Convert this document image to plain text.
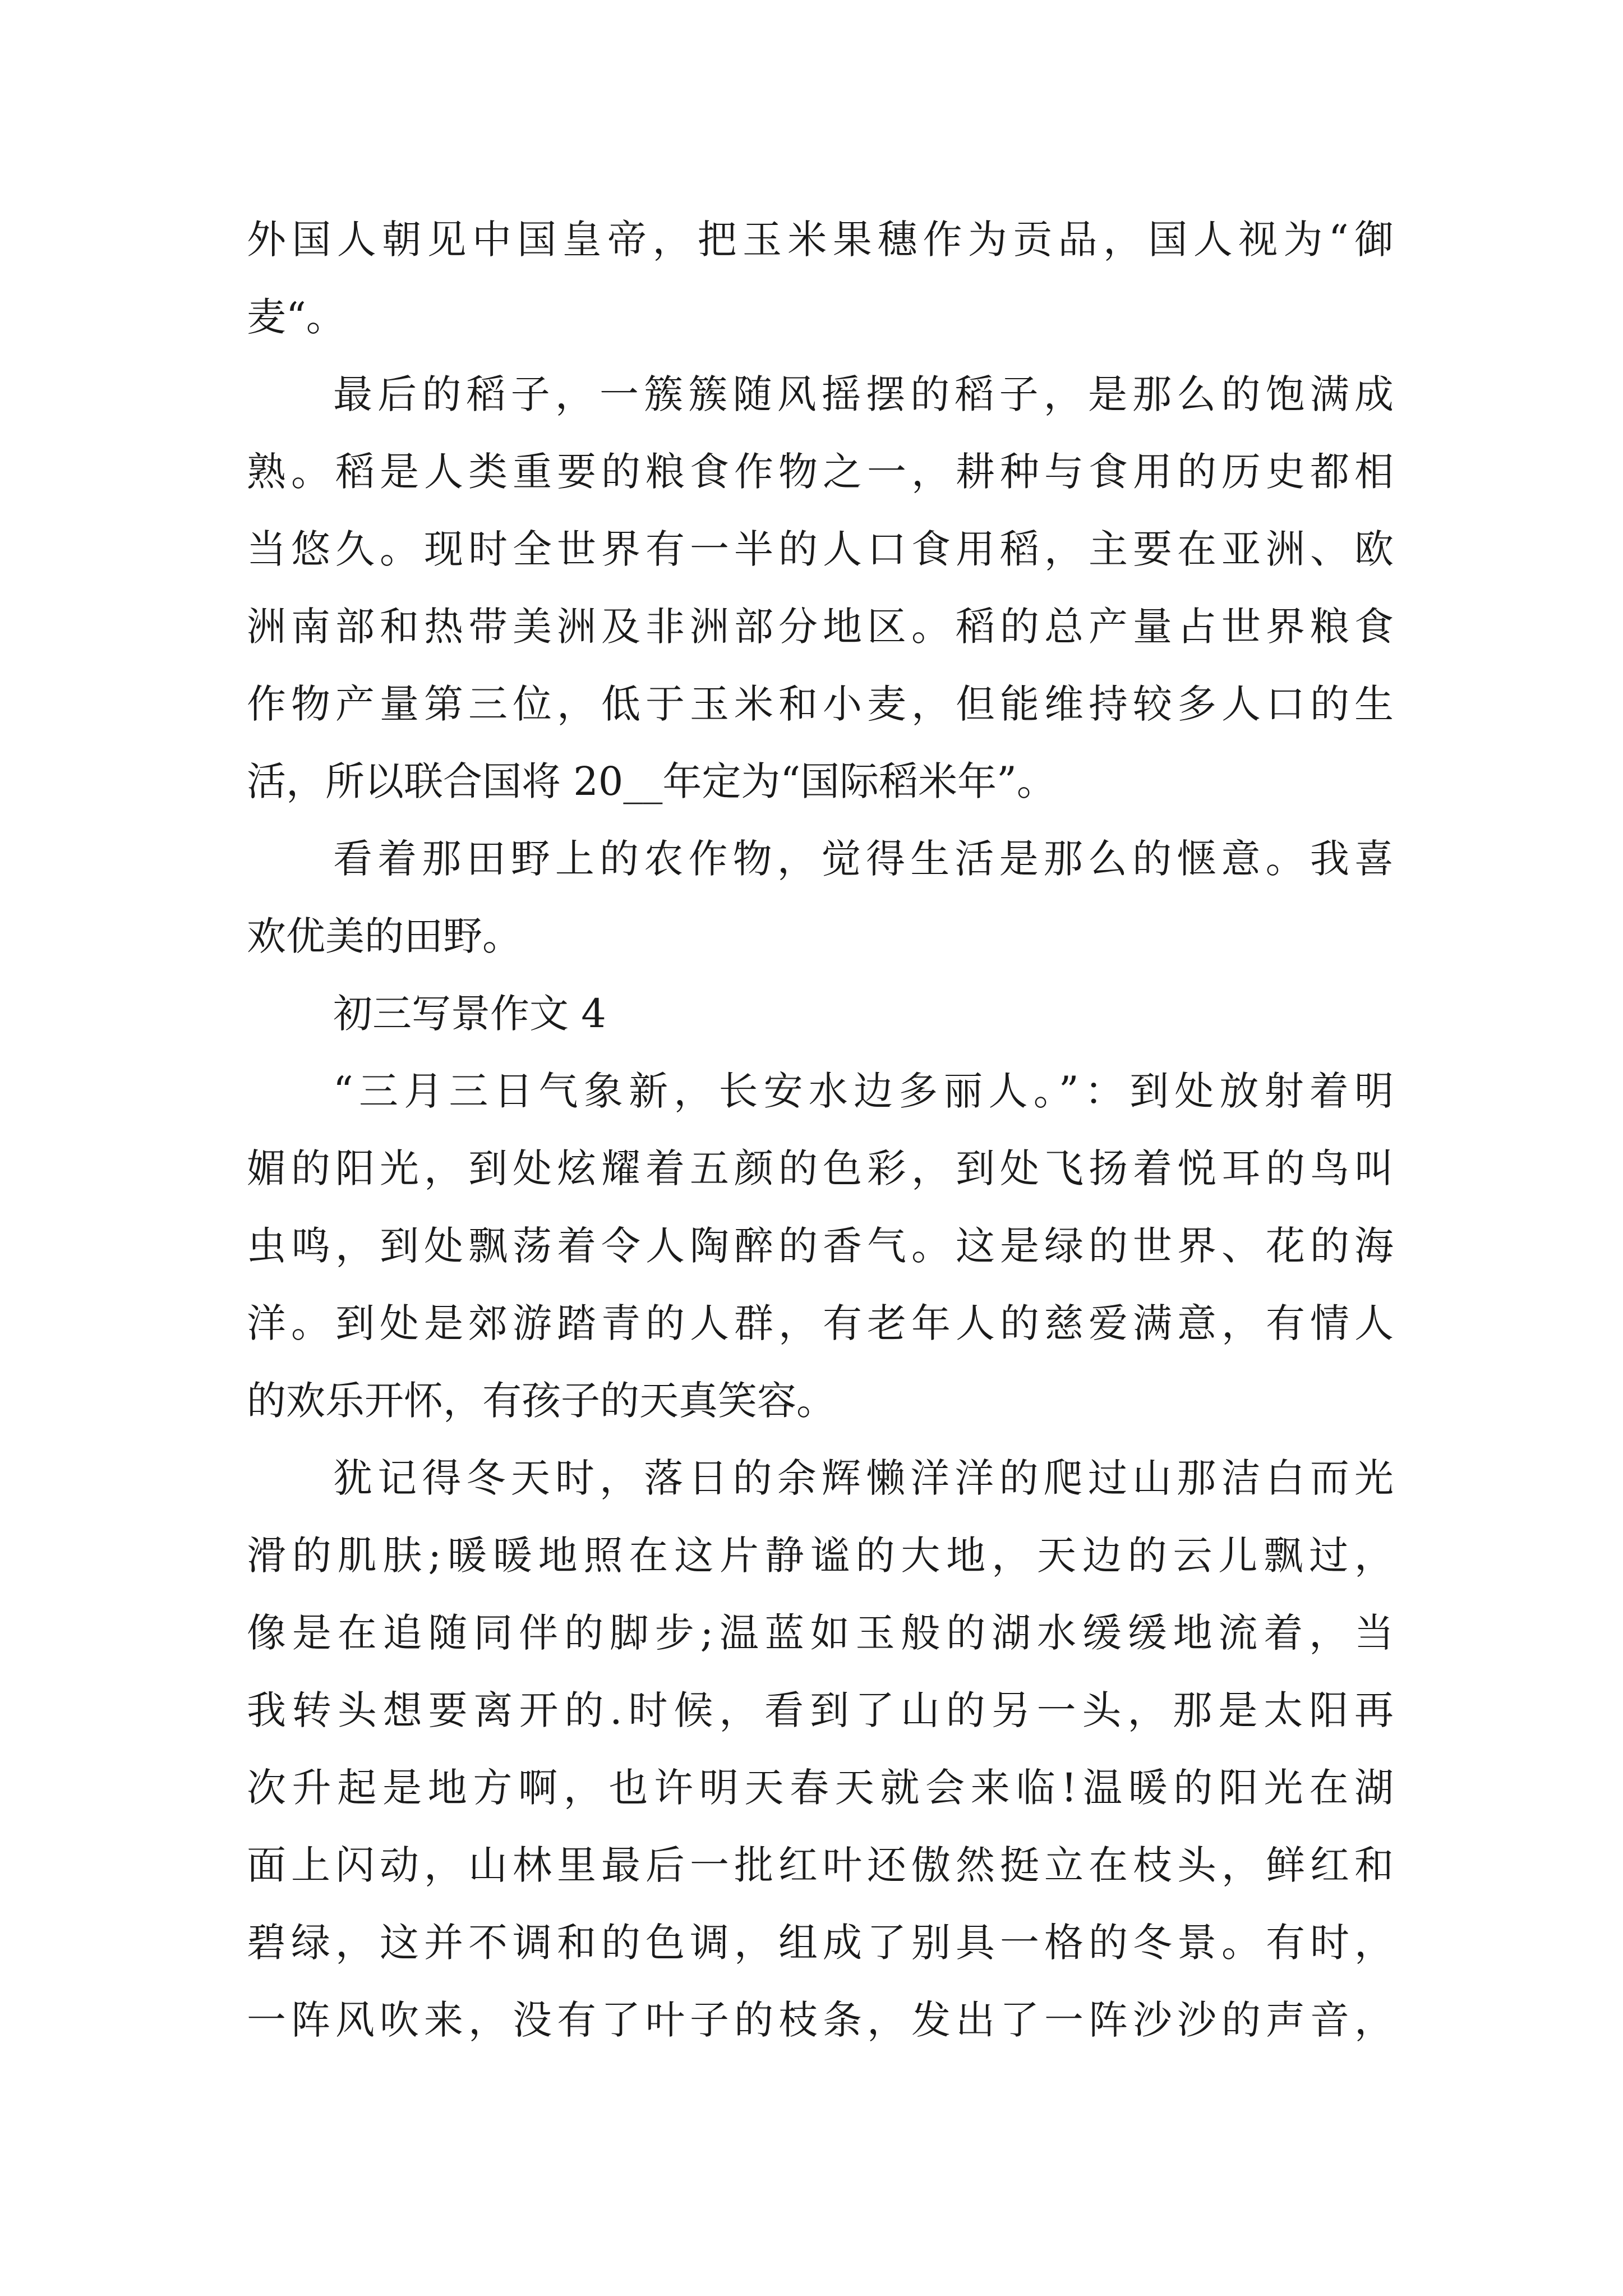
外国人朝见中国皇帝，把玉米果穗作为贡品，国人视为“御
麦“。
最后的稻子，一簇簇随风摇摆的稻子，是那么的饱满成
熟。稻是人类重要的粮食作物之一，耕种与食用的历史都相
当悠久。现时全世界有一半的人口食用稻，主要在亚洲、欧
洲南部和热带美洲及非洲部分地区。稻的总产量占世界粮食
作物产量第三位，低于玉米和小麦，但能维持较多人口的生
活，所以联合国将 20__年定为“国际稻米年”。
看着那田野上的农作物，觉得生活是那么的惬意。我喜
欢优美的田野。
初三写景作文 4
“三月三日气象新，长安水边多丽人。”：到处放射着明
媚的阳光，到处炫耀着五颜的色彩，到处飞扬着悦耳的鸟叫
虫鸣，到处飘荡着令人陶醉的香气。这是绿的世界、花的海
洋。到处是郊游踏青的人群，有老年人的慈爱满意，有情人
的欢乐开怀，有孩子的天真笑容。
犹记得冬天时，落日的余辉懒洋洋的爬过山那洁白而光
滑的肌肤;暖暖地照在这片静谧的大地，天边的云儿飘过，
像是在追随同伴的脚步;温蓝如玉般的湖水缓缓地流着，当
我转头想要离开的.时候，看到了山的另一头，那是太阳再
次升起是地方啊，也许明天春天就会来临!温暖的阳光在湖
面上闪动，山林里最后一批红叶还傲然挺立在枝头，鲜红和
碧绿，这并不调和的色调，组成了别具一格的冬景。有时，
一阵风吹来，没有了叶子的枝条，发出了一阵沙沙的声音，
